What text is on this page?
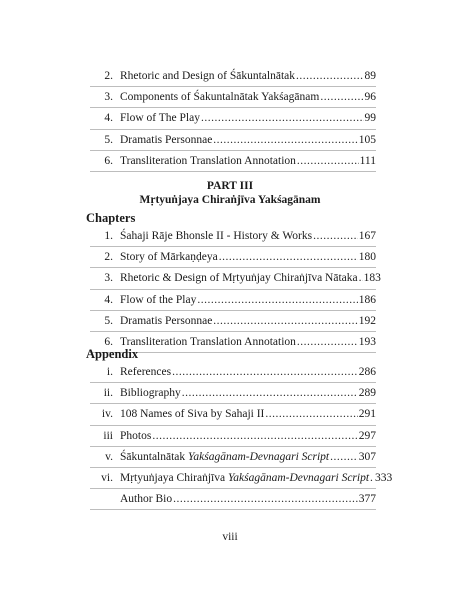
2. Rhetoric and Design of Śākuntalnātak .....	89
3. Components of Śakuntalnātak Yakśagānam .....	96
4. Flow of The Play .....	99
5. Dramatis Personnae .....	105
6. Transliteration Translation Annotation .....	111
PART III
Mṛtyuṅjaya Chiraṅjīva Yakśagānam
Chapters
1. Śahaji Rāje Bhonsle II - History & Works .....	167
2. Story of Mārkaṇḍeya .....	180
3. Rhetoric & Design of Mṛtyuṅjay Chiraṅjīva Nātaka ..... 183
4. Flow of the Play .....	186
5. Dramatis Personnae .....	192
6. Transliteration Translation Annotation .....	193
Appendix
i. References .....	286
ii. Bibliography .....	289
iv. 108 Names of Siva by Sahaji II .....	291
iii Photos .....	297
v. Śākuntalnātak Yakśagānam-Devnagari Script .....	307
vi. Mṛtyuṅjaya Chiraṅjīva Yakśagānam-Devnagari Script ..... 333
Author Bio .....	377
viii
